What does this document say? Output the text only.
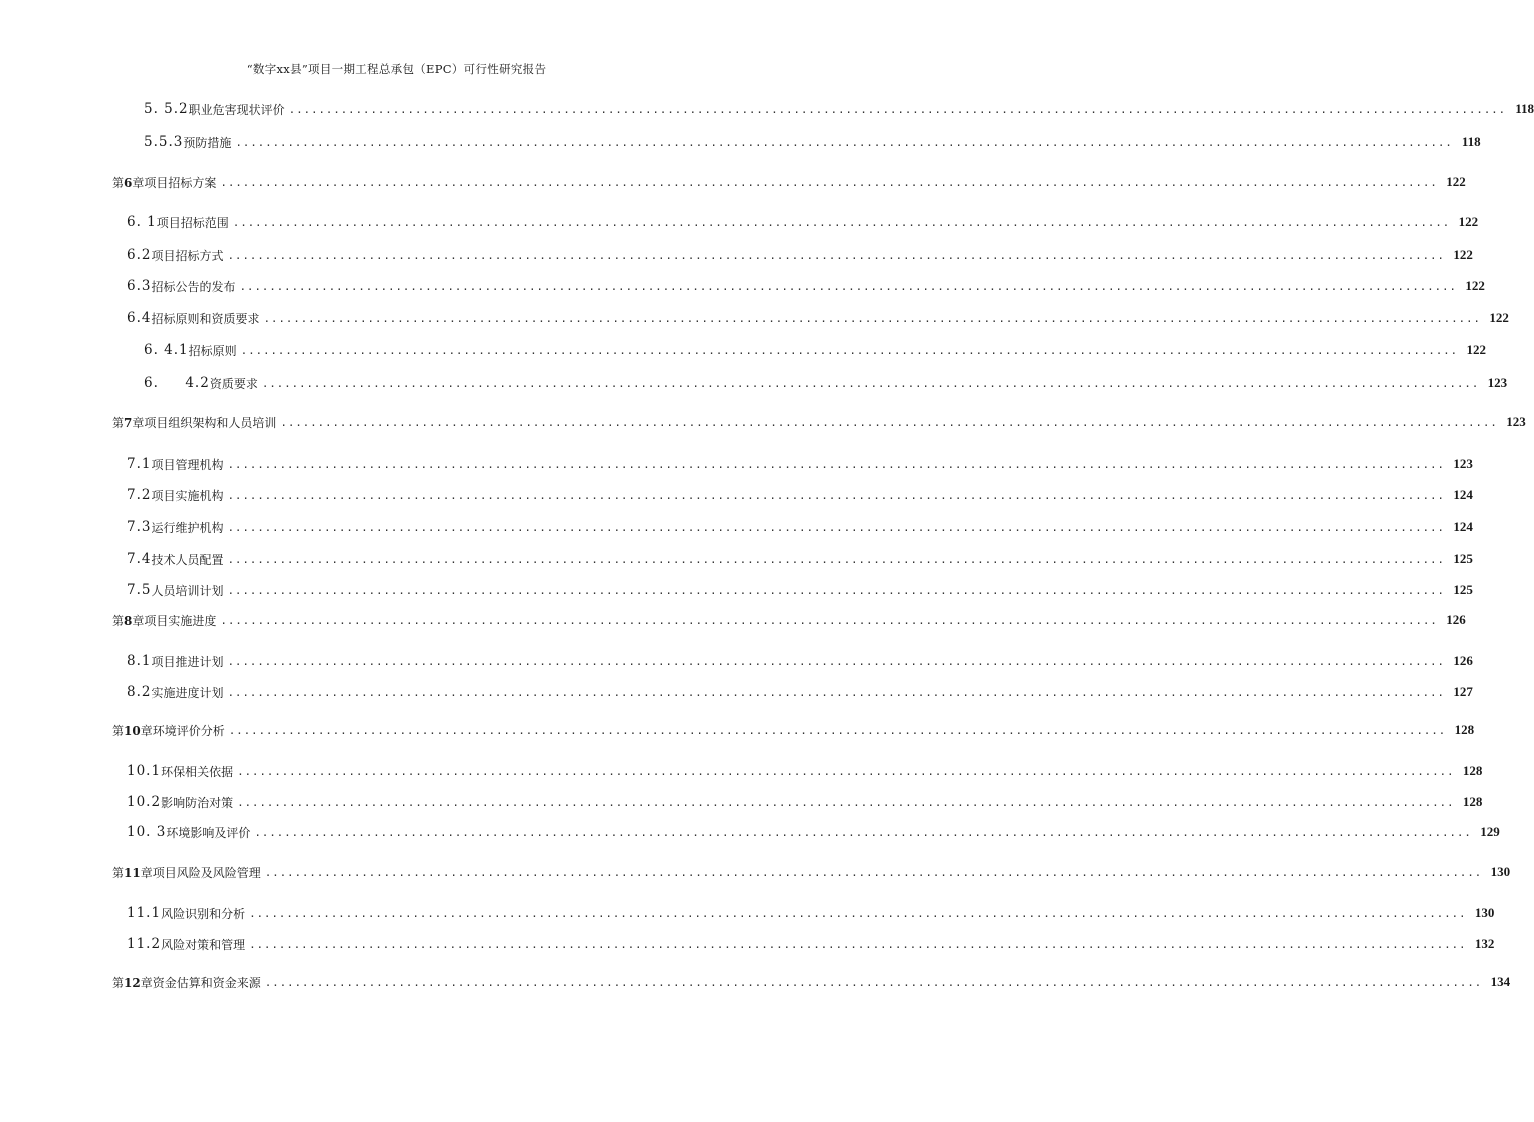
“数字xx县”项目一期工程总承包（EPC）可行性研究报告
5. 5.2 职业危害现状评价 .................................................................................................................................................................... 118
5.5.3 预防措施 .................................................................................................................................................................... 118
第6章 项目招标方案 .................................................................................................................................................................... 122
6. 1 项目招标范围 .................................................................................................................................................................... 122
6.2 项目招标方式 .................................................................................................................................................................... 122
6.3 招标公告的发布 .................................................................................................................................................................... 122
6.4 招标原则和资质要求 .................................................................................................................................................................... 122
6. 4.1 招标原则 .................................................................................................................................................................... 122
6.     4.2 资质要求 .................................................................................................................................................................... 123
第7章 项目组织架构和人员培训 .................................................................................................................................................................... 123
7.1 项目管理机构 .................................................................................................................................................................... 123
7.2 项目实施机构 .................................................................................................................................................................... 124
7.3 运行维护机构 .................................................................................................................................................................... 124
7.4 技术人员配置 .................................................................................................................................................................... 125
7.5 人员培训计划 .................................................................................................................................................................... 125
第8章 项目实施进度 .................................................................................................................................................................... 126
8.1 项目推进计划 .................................................................................................................................................................... 126
8.2 实施进度计划 .................................................................................................................................................................... 127
第10章 环境评价分析 .................................................................................................................................................................... 128
10.1 环保相关依据 .................................................................................................................................................................... 128
10.2 影响防治对策 .................................................................................................................................................................... 128
10. 3 环境影响及评价 .................................................................................................................................................................... 129
第11章 项目风险及风险管理 .................................................................................................................................................................... 130
11.1 风险识别和分析 .................................................................................................................................................................... 130
11.2 风险对策和管理 .................................................................................................................................................................... 132
第12章 资金估算和资金来源 .................................................................................................................................................................... 134
